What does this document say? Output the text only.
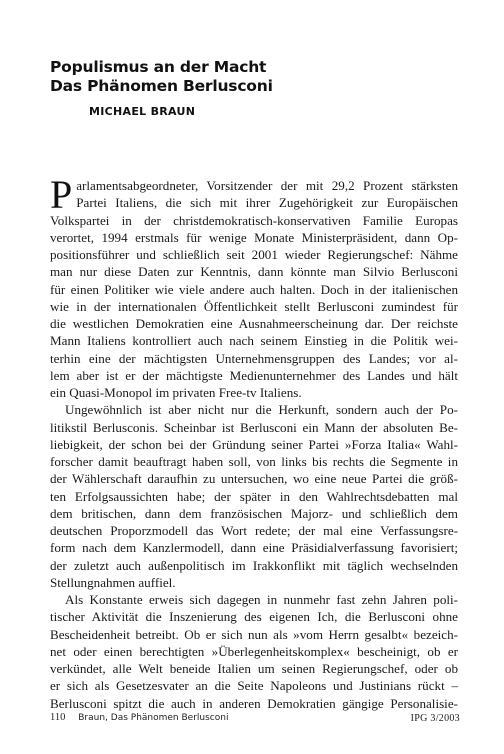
Populismus an der Macht
Das Phänomen Berlusconi
MICHAEL BRAUN
P arlamentsabgeordneter, Vorsitzender der mit 29,2 Prozent stärksten
Partei Italiens, die sich mit ihrer Zugehörigkeit zur Europäischen
Volkspartei in der christdemokratisch-konservativen Familie Europas
verortet, 1994 erstmals für wenige Monate Ministerpräsident, dann Op-
positionsführer und schließlich seit 2001 wieder Regierungschef: Nähme
man nur diese Daten zur Kenntnis, dann könnte man Silvio Berlusconi
für einen Politiker wie viele andere auch halten. Doch in der italienischen
wie in der internationalen Öffentlichkeit stellt Berlusconi zumindest für
die westlichen Demokratien eine Ausnahmeerscheinung dar. Der reichste
Mann Italiens kontrolliert auch nach seinem Einstieg in die Politik wei-
terhin eine der mächtigsten Unternehmensgruppen des Landes; vor al-
lem aber ist er der mächtigste Medienunternehmer des Landes und hält
ein Quasi-Monopol im privaten Free-tv Italiens.
Ungewöhnlich ist aber nicht nur die Herkunft, sondern auch der Po-
litikstil Berlusconis. Scheinbar ist Berlusconi ein Mann der absoluten Be-
liebigkeit, der schon bei der Gründung seiner Partei »Forza Italia« Wahl-
forscher damit beauftragt haben soll, von links bis rechts die Segmente in
der Wählerschaft daraufhin zu untersuchen, wo eine neue Partei die größ-
ten Erfolgsaussichten habe; der später in den Wahlrechtsdebatten mal
dem britischen, dann dem französischen Majorz- und schließlich dem
deutschen Proporzmodell das Wort redete; der mal eine Verfassungsre-
form nach dem Kanzlermodell, dann eine Präsidialverfassung favorisiert;
der zuletzt auch außenpolitisch im Irakkonflikt mit täglich wechselnden
Stellungnahmen auffiel.
Als Konstante erweis sich dagegen in nunmehr fast zehn Jahren poli-
tischer Aktivität die Inszenierung des eigenen Ich, die Berlusconi ohne
Bescheidenheit betreibt. Ob er sich nun als »vom Herrn gesalbt« bezeich-
net oder einen berechtigten »Überlegenheitskomplex« bescheinigt, ob er
verkündet, alle Welt beneide Italien um seinen Regierungschef, oder ob
er sich als Gesetzesvater an die Seite Napoleons und Justinians rückt –
Berlusconi spitzt die auch in anderen Demokratien gängige Personalisie-
110 Braun, Das Phänomen Berlusconi	IPG 3/2003
